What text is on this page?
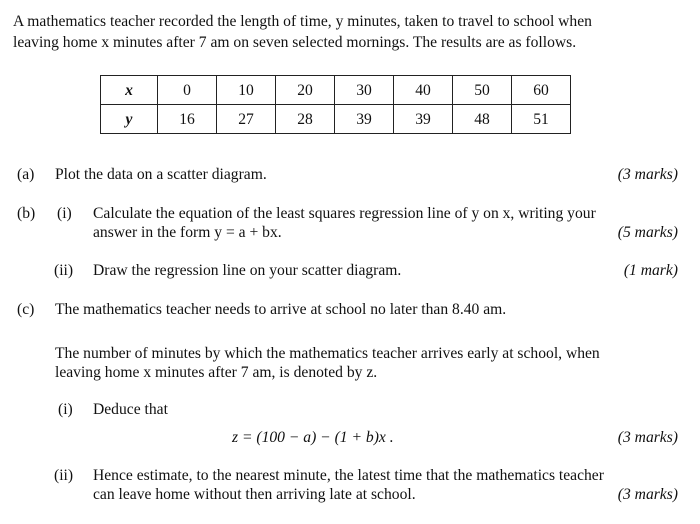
A mathematics teacher recorded the length of time, y minutes, taken to travel to school when
leaving home x minutes after 7 am on seven selected mornings. The results are as follows.
x	0	10	20	30	40	50	60
y	16	27	28	39	39	48	51
(a) Plot the data on a scatter diagram.	(3 marks)
(b) (i) Calculate the equation of the least squares regression line of y on x, writing your
answer in the form y = a + bx.	(5 marks)
(ii) Draw the regression line on your scatter diagram.	(1 mark)
(c) The mathematics teacher needs to arrive at school no later than 8.40 am.
The number of minutes by which the mathematics teacher arrives early at school, when
leaving home x minutes after 7 am, is denoted by z.
(i) Deduce that
z = (100 − a) − (1 + b)x .	(3 marks)
(ii) Hence estimate, to the nearest minute, the latest time that the mathematics teacher
can leave home without then arriving late at school.	(3 marks)
